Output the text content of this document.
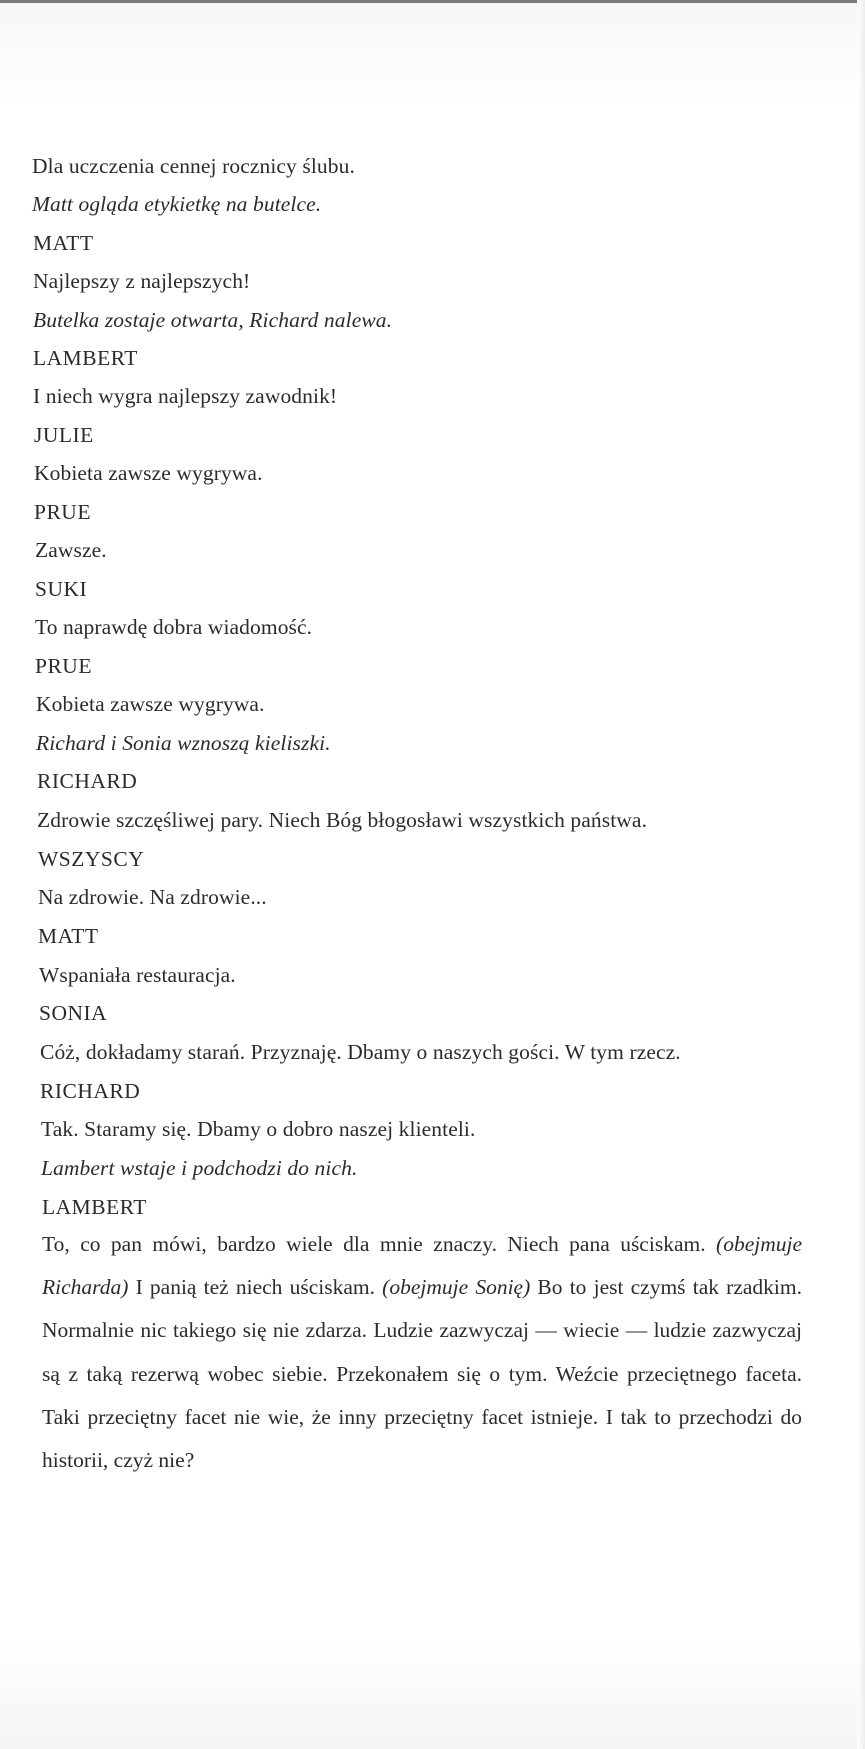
Dla uczczenia cennej rocznicy ślubu.
Matt ogląda etykietkę na butelce.
MATT
Najlepszy z najlepszych!
Butelka zostaje otwarta, Richard nalewa.
LAMBERT
I niech wygra najlepszy zawodnik!
JULIE
Kobieta zawsze wygrywa.
PRUE
Zawsze.
SUKI
To naprawdę dobra wiadomość.
PRUE
Kobieta zawsze wygrywa.
Richard i Sonia wznoszą kieliszki.
RICHARD
Zdrowie szczęśliwej pary. Niech Bóg błogosławi wszystkich państwa.
WSZYSCY
Na zdrowie. Na zdrowie...
MATT
Wspaniała restauracja.
SONIA
Cóż, dokładamy starań. Przyznaję. Dbamy o naszych gości. W tym rzecz.
RICHARD
Tak. Staramy się. Dbamy o dobro naszej klienteli.
Lambert wstaje i podchodzi do nich.
LAMBERT
To, co pan mówi, bardzo wiele dla mnie znaczy. Niech pana uściskam. (obejmuje Richarda) I panią też niech uściskam. (obejmuje Sonię) Bo to jest czymś tak rzadkim. Normalnie nic takiego się nie zdarza. Ludzie zazwyczaj — wiecie — ludzie zazwyczaj są z taką rezerwą wobec siebie. Przekonałem się o tym. Weźcie przeciętnego faceta. Taki przeciętny facet nie wie, że inny przeciętny facet istnieje. I tak to przechodzi do historii, czyż nie?
